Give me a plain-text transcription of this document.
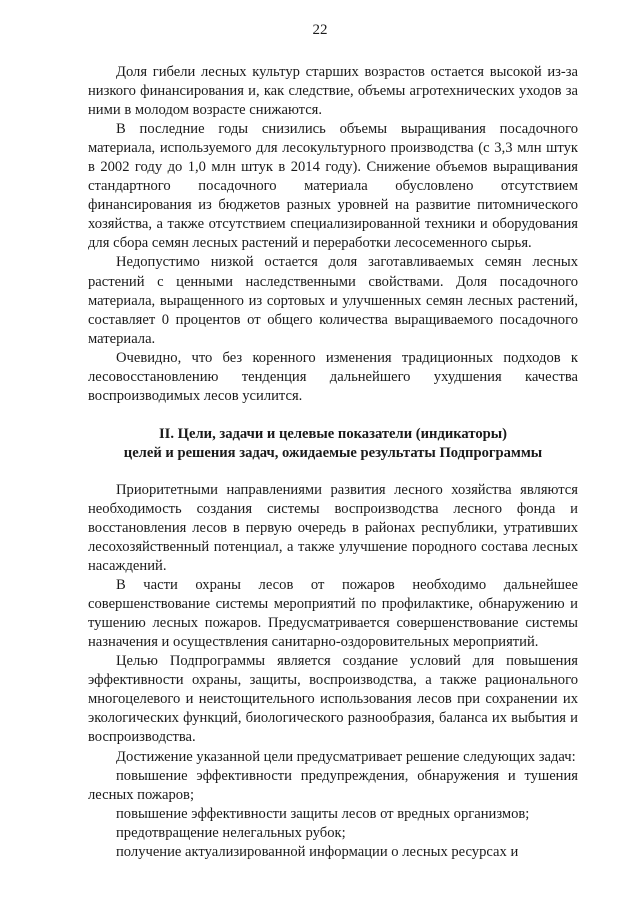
22

Доля гибели лесных культур старших возрастов остается высокой из-за низкого финансирования и, как следствие, объемы агротехнических уходов за ними в молодом возрасте снижаются.

В последние годы снизились объемы выращивания посадочного материала, используемого для лесокультурного производства (с 3,3 млн штук в 2002 году до 1,0 млн штук в 2014 году). Снижение объемов выращивания стандартного посадочного материала обусловлено отсутствием финансирования из бюджетов разных уровней на развитие питомнического хозяйства, а также отсутствием специализированной техники и оборудования для сбора семян лесных растений и переработки лесосеменного сырья.

Недопустимо низкой остается доля заготавливаемых семян лесных растений с ценными наследственными свойствами. Доля посадочного материала, выращенного из сортовых и улучшенных семян лесных растений, составляет 0 процентов от общего количества выращиваемого посадочного материала.

Очевидно, что без коренного изменения традиционных подходов к лесовосстановлению тенденция дальнейшего ухудшения качества воспроизводимых лесов усилится.

II. Цели, задачи и целевые показатели (индикаторы)
целей и решения задач, ожидаемые результаты Подпрограммы

Приоритетными направлениями развития лесного хозяйства являются необходимость создания системы воспроизводства лесного фонда и восстановления лесов в первую очередь в районах республики, утративших лесохозяйственный потенциал, а также улучшение породного состава лесных насаждений.

В части охраны лесов от пожаров необходимо дальнейшее совершенствование системы мероприятий по профилактике, обнаружению и тушению лесных пожаров. Предусматривается совершенствование системы назначения и осуществления санитарно-оздоровительных мероприятий.

Целью Подпрограммы является создание условий для повышения эффективности охраны, защиты, воспроизводства, а также рационального многоцелевого и неистощительного использования лесов при сохранении их экологических функций, биологического разнообразия, баланса их выбытия и воспроизводства.

Достижение указанной цели предусматривает решение следующих задач:

повышение эффективности предупреждения, обнаружения и тушения лесных пожаров;

повышение эффективности защиты лесов от вредных организмов;

предотвращение нелегальных рубок;

получение актуализированной информации о лесных ресурсах и
